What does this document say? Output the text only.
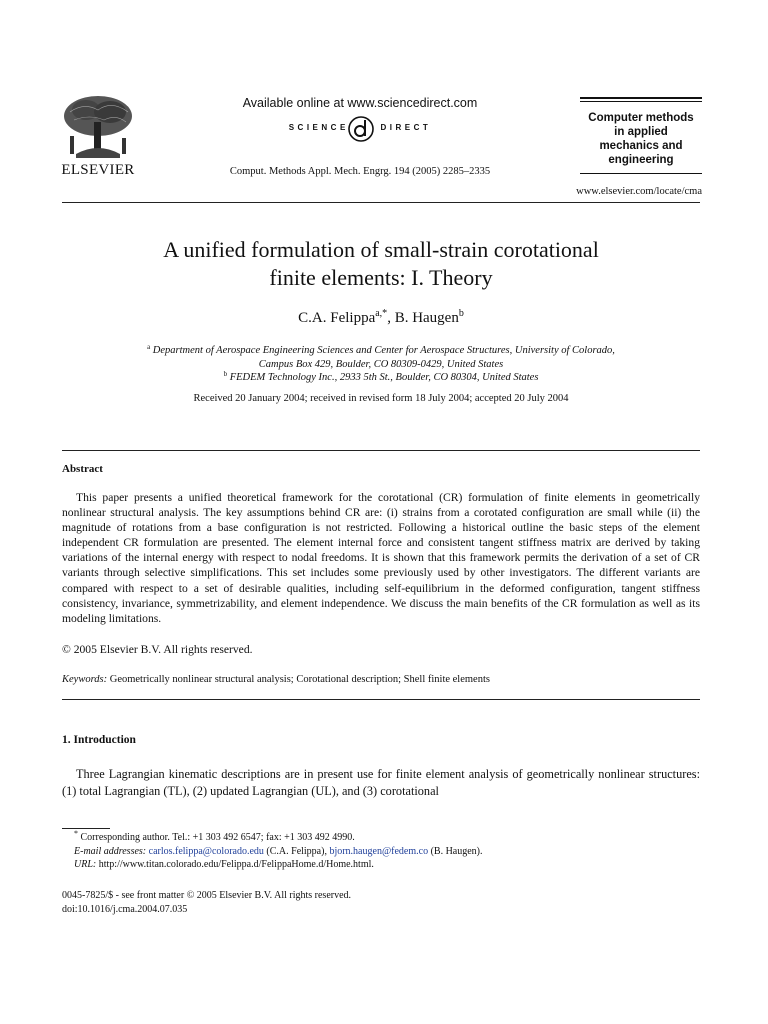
ELSEVIER
Available online at www.sciencedirect.com
SCIENCE DIRECT
Comput. Methods Appl. Mech. Engrg. 194 (2005) 2285–2335
Computer methods in applied mechanics and engineering
www.elsevier.com/locate/cma
A unified formulation of small-strain corotational
finite elements: I. Theory
C.A. Felippa$^{a,*}$, B. Haugen$^b$
$^a$ Department of Aerospace Engineering Sciences and Center for Aerospace Structures, University of Colorado,
Campus Box 429, Boulder, CO 80309-0429, United States
$^b$ FEDEM Technology Inc., 2933 5th St., Boulder, CO 80304, United States
Received 20 January 2004; received in revised form 18 July 2004; accepted 20 July 2004
Abstract
This paper presents a unified theoretical framework for the corotational (CR) formulation of finite elements in geometrically nonlinear structural analysis. The key assumptions behind CR are: (i) strains from a corotated configuration are small while (ii) the magnitude of rotations from a base configuration is not restricted. Following a historical outline the basic steps of the element independent CR formulation are presented. The element internal force and consistent tangent stiffness matrix are derived by taking variations of the internal energy with respect to nodal freedoms. It is shown that this framework permits the derivation of a set of CR variants through selective simplifications. This set includes some previously used by other investigators. The different variants are compared with respect to a set of desirable qualities, including self-equilibrium in the deformed configuration, tangent stiffness consistency, invariance, symmetrizability, and element independence. We discuss the main benefits of the CR formulation as well as its modeling limitations.
© 2005 Elsevier B.V. All rights reserved.
Keywords: Geometrically nonlinear structural analysis; Corotational description; Shell finite elements
1. Introduction
Three Lagrangian kinematic descriptions are in present use for finite element analysis of geometrically nonlinear structures: (1) total Lagrangian (TL), (2) updated Lagrangian (UL), and (3) corotational
* Corresponding author. Tel.: +1 303 492 6547; fax: +1 303 492 4990.
E-mail addresses: carlos.felippa@colorado.edu (C.A. Felippa), bjorn.haugen@fedem.co (B. Haugen).
URL: http://www.titan.colorado.edu/Felippa.d/FelippaHome.d/Home.html.
0045-7825/$ - see front matter © 2005 Elsevier B.V. All rights reserved.
doi:10.1016/j.cma.2004.07.035
